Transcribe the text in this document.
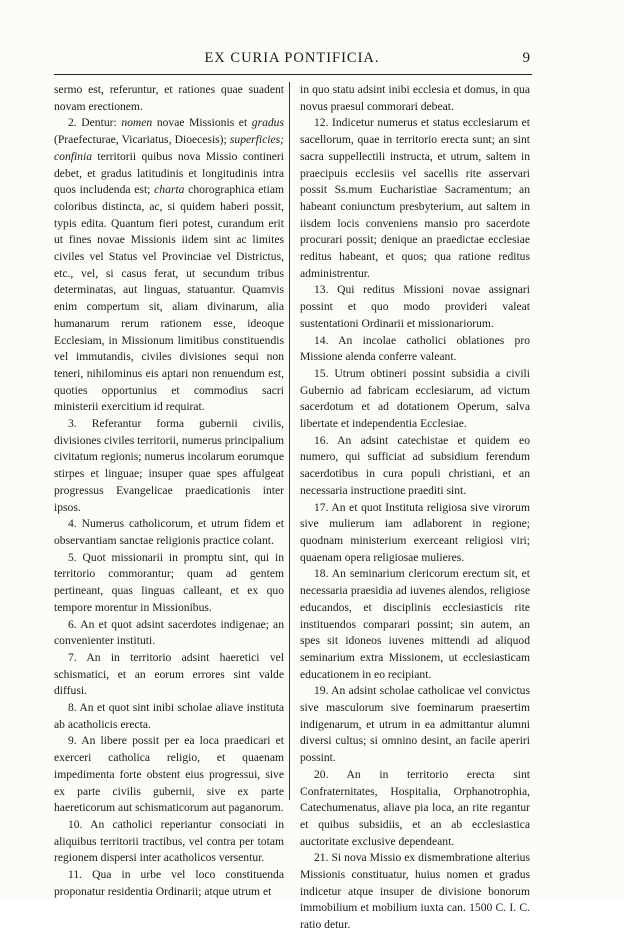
EX CURIA PONTIFICIA.	9

sermo est, referuntur, et rationes quae suadent novam erectionem.

2. Dentur: nomen novae Missionis et gradus (Praefecturae, Vicariatus, Dioecesis); superficies; confinia territorii quibus nova Missio contineri debet, et gradus latitudinis et longitudinis intra quos includenda est; charta chorographica etiam coloribus distincta, ac, si quidem haberi possit, typis edita. Quantum fieri potest, curandum erit ut fines novae Missionis iidem sint ac limites civiles vel Status vel Provinciae vel Districtus, etc., vel, si casus ferat, ut secundum tribus determinatas, aut linguas, statuantur. Quamvis enim compertum sit, aliam divinarum, alia humanarum rerum rationem esse, ideoque Ecclesiam, in Missionum limitibus constituendis vel immutandis, civiles divisiones sequi non teneri, nihilominus eis aptari non renuendum est, quoties opportunius et commodius sacri ministerii exercitium id requirat.

3. Referantur forma gubernii civilis, divisiones civiles territorii, numerus principalium civitatum regionis; numerus incolarum eorumque stirpes et linguae; insuper quae spes affulgeat progressus Evangelicae praedicationis inter ipsos.

4. Numerus catholicorum, et utrum fidem et observantiam sanctae religionis practice colant.

5. Quot missionarii in promptu sint, qui in territorio commorantur; quam ad gentem pertineant, quas linguas calleant, et ex quo tempore morentur in Missionibus.

6. An et quot adsint sacerdotes indigenae; an convenienter instituti.

7. An in territorio adsint haeretici vel schismatici, et an eorum errores sint valde diffusi.

8. An et quot sint inibi scholae aliave instituta ab acatholicis erecta.

9. An libere possit per ea loca praedicari et exerceri catholica religio, et quaenam impedimenta forte obstent eius progressui, sive ex parte civilis gubernii, sive ex parte haereticorum aut schismaticorum aut paganorum.

10. An catholici reperiantur consociati in aliquibus territorii tractibus, vel contra per totam regionem dispersi inter acatholicos versentur.

11. Qua in urbe vel loco constituenda proponatur residentia Ordinarii; atque utrum et

in quo statu adsint inibi ecclesia et domus, in qua novus praesul commorari debeat.

12. Indicetur numerus et status ecclesiarum et sacellorum, quae in territorio erecta sunt; an sint sacra suppellectili instructa, et utrum, saltem in praecipuis ecclesiis vel sacellis rite asservari possit Ss.mum Eucharistiae Sacramentum; an habeant coniunctum presbyterium, aut saltem in iisdem locis conveniens mansio pro sacerdote procurari possit; denique an praedictae ecclesiae reditus habeant, et quos; qua ratione reditus administrentur.

13. Qui reditus Missioni novae assignari possint et quo modo provideri valeat sustentationi Ordinarii et missionariorum.

14. An incolae catholici oblationes pro Missione alenda conferre valeant.

15. Utrum obtineri possint subsidia a civili Gubernio ad fabricam ecclesiarum, ad victum sacerdotum et ad dotationem Operum, salva libertate et independentia Ecclesiae.

16. An adsint catechistae et quidem eo numero, qui sufficiat ad subsidium ferendum sacerdotibus in cura populi christiani, et an necessaria instructione praediti sint.

17. An et quot Instituta religiosa sive virorum sive mulierum iam adlaborent in regione; quodnam ministerium exerceant religiosi viri; quaenam opera religiosae mulieres.

18. An seminarium clericorum erectum sit, et necessaria praesidia ad iuvenes alendos, religiose educandos, et disciplinis ecclesiasticis rite instituendos comparari possint; sin autem, an spes sit idoneos iuvenes mittendi ad aliquod seminarium extra Missionem, ut ecclesiasticam educationem in eo recipiant.

19. An adsint scholae catholicae vel convictus sive masculorum sive foeminarum praesertim indigenarum, et utrum in ea admittantur alumni diversi cultus; si omnino desint, an facile aperiri possint.

20. An in territorio erecta sint Confraternitates, Hospitalia, Orphanotrophia, Catechumenatus, aliave pia loca, an rite regantur et quibus subsidiis, et an ab ecclesiastica auctoritate exclusive dependeant.

21. Si nova Missio ex dismembratione alterius Missionis constituatur, huius nomen et gradus indicetur atque insuper de divisione bonorum immobilium et mobilium iuxta can. 1500 C. I. C. ratio detur.
